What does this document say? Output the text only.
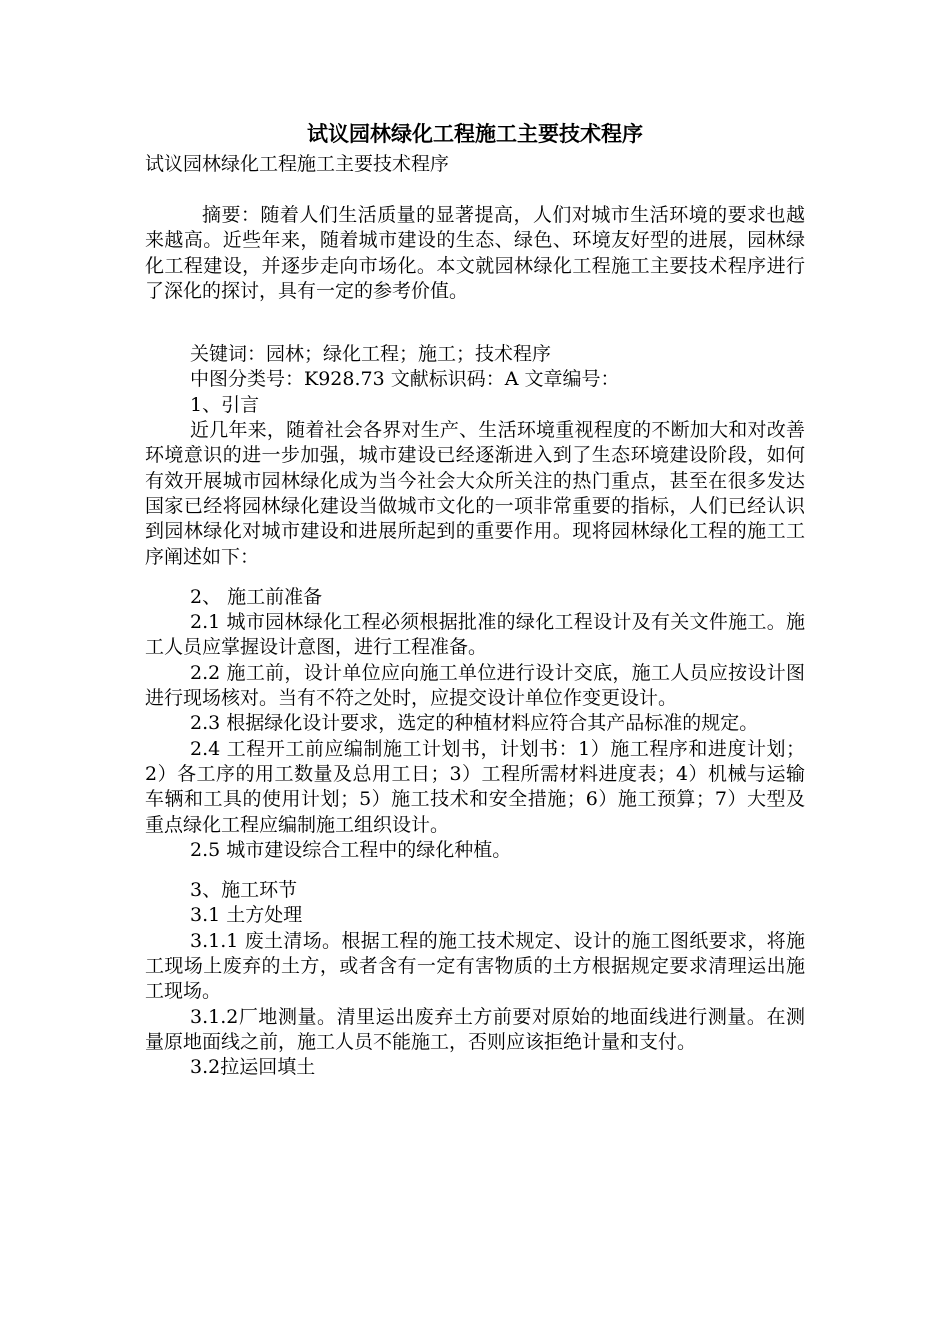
试议园林绿化工程施工主要技术程序
试议园林绿化工程施工主要技术程序
摘要：随着人们生活质量的显著提高，人们对城市生活环境的要求也越来越高。近些年来，随着城市建设的生态、绿色、环境友好型的进展，园林绿化工程建设，并逐步走向市场化。本文就园林绿化工程施工主要技术程序进行了深化的探讨，具有一定的参考价值。
关键词：园林；绿化工程；施工；技术程序
中图分类号：K928.73 文献标识码：A 文章编号：
1、引言
近几年来，随着社会各界对生产、生活环境重视程度的不断加大和对改善环境意识的进一步加强，城市建设已经逐渐进入到了生态环境建设阶段，如何有效开展城市园林绿化成为当今社会大众所关注的热门重点，甚至在很多发达国家已经将园林绿化建设当做城市文化的一项非常重要的指标，人们已经认识到园林绿化对城市建设和进展所起到的重要作用。现将园林绿化工程的施工工序阐述如下：
2、 施工前准备
2.1 城市园林绿化工程必须根据批准的绿化工程设计及有关文件施工。施工人员应掌握设计意图，进行工程准备。
2.2 施工前，设计单位应向施工单位进行设计交底，施工人员应按设计图进行现场核对。当有不符之处时，应提交设计单位作变更设计。
2.3 根据绿化设计要求，选定的种植材料应符合其产品标准的规定。
2.4 工程开工前应编制施工计划书，计划书：1）施工程序和进度计划；2）各工序的用工数量及总用工日；3）工程所需材料进度表；4）机械与运输车辆和工具的使用计划；5）施工技术和安全措施；6）施工预算；7）大型及重点绿化工程应编制施工组织设计。
2.5 城市建设综合工程中的绿化种植。
3、施工环节
3.1 土方处理
3.1.1 废土清场。根据工程的施工技术规定、设计的施工图纸要求，将施工现场上废弃的土方，或者含有一定有害物质的土方根据规定要求清理运出施工现场。
3.1.2厂地测量。清里运出废弃土方前要对原始的地面线进行测量。在测量原地面线之前，施工人员不能施工，否则应该拒绝计量和支付。
3.2拉运回填土
